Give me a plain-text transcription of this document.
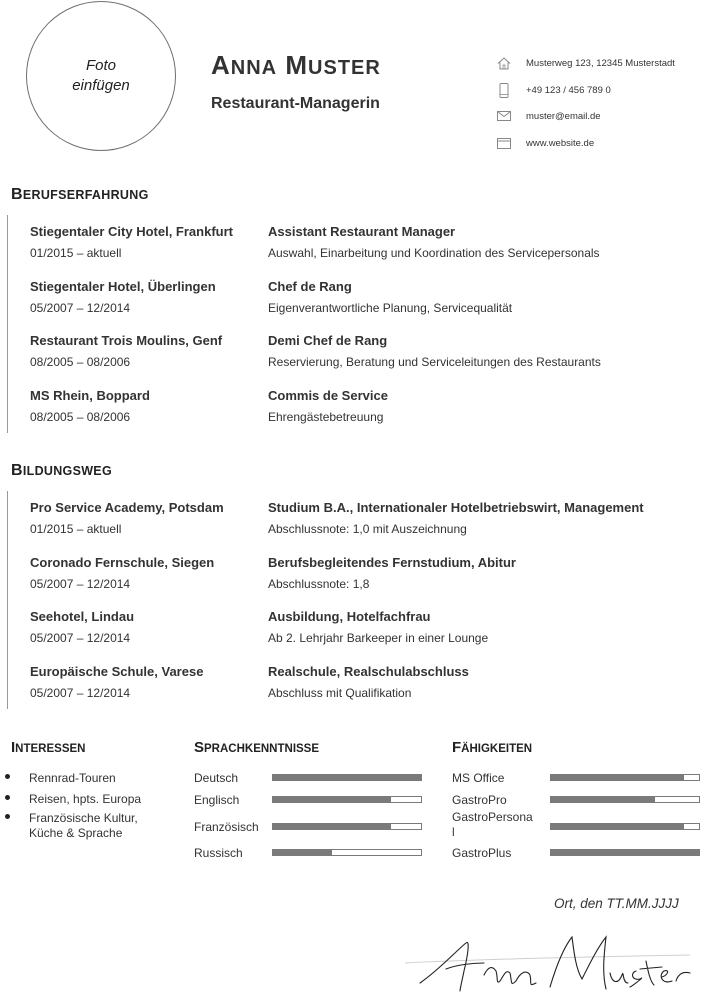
Foto einfügen
ANNA MUSTER
Restaurant-Managerin
Musterweg 123, 12345 Musterstadt
+49 123 / 456 789 0
muster@email.de
www.website.de
BERUFSERFAHRUNG
Stiegentaler City Hotel, Frankfurt
01/2015 – aktuell
Assistant Restaurant Manager
Auswahl, Einarbeitung und Koordination des Servicepersonals
Stiegentaler Hotel, Überlingen
05/2007 – 12/2014
Chef de Rang
Eigenverantwortliche Planung, Servicequalität
Restaurant Trois Moulins, Genf
08/2005 – 08/2006
Demi Chef de Rang
Reservierung, Beratung und Serviceleitungen des Restaurants
MS Rhein, Boppard
08/2005 – 08/2006
Commis de Service
Ehrengästebetreuung
BILDUNGSWEG
Pro Service Academy, Potsdam
01/2015 – aktuell
Studium B.A., Internationaler Hotelbetriebswirt, Management
Abschlussnote: 1,0 mit Auszeichnung
Coronado Fernschule, Siegen
05/2007 – 12/2014
Berufsbegleitendes Fernstudium, Abitur
Abschlussnote: 1,8
Seehotel, Lindau
05/2007 – 12/2014
Ausbildung, Hotelfachfrau
Ab 2. Lehrjahr Barkeeper in einer Lounge
Europäische Schule, Varese
05/2007 – 12/2014
Realschule, Realschulabschluss
Abschluss mit Qualifikation
INTERESSEN
Rennrad-Touren
Reisen, hpts. Europa
Französische Kultur, Küche & Sprache
SPRACHKENNTNISSE
Deutsch
Englisch
Französisch
Russisch
FÄHIGKEITEN
MS Office
GastroPro
GastroPersona
l
GastroPlus
Ort, den TT.MM.JJJJ
